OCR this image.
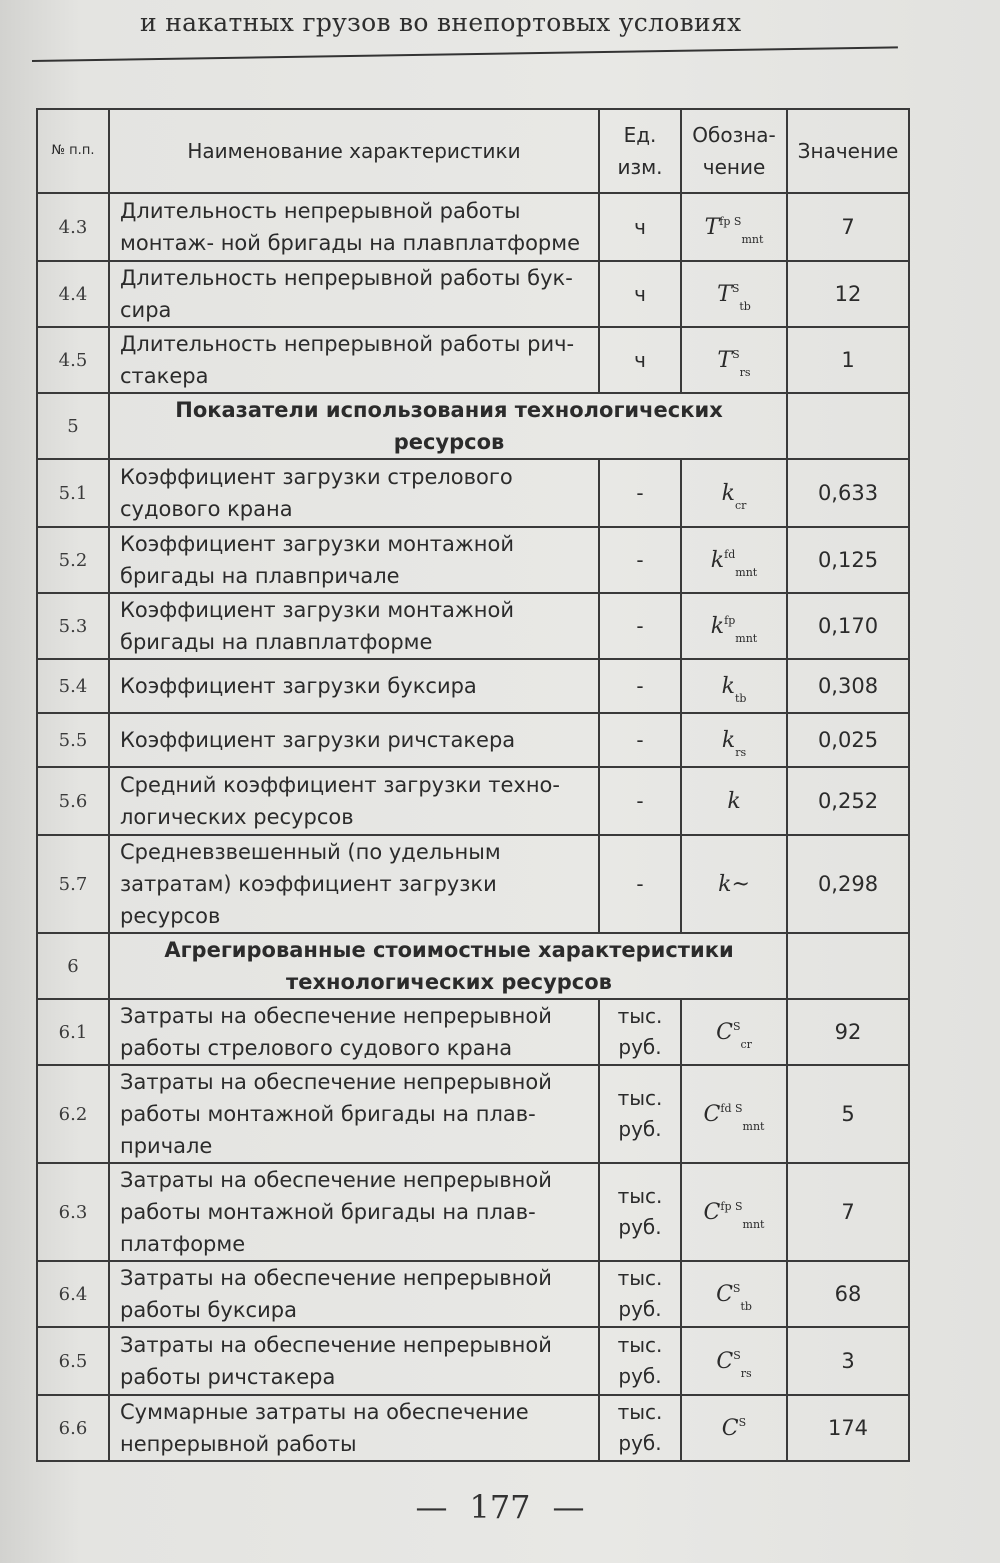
и накатных грузов во внепортовых условиях
№ п.п.	Наименование характеристики	Ед. изм.	Обозна- чение	Значение
4.3	Длительность непрерывной работы монтаж- ной бригады на плавплатформе	ч	$T^{fp S}_{mnt}$	7
4.4	Длительность непрерывной работы бук- сира	ч	$T^S_{tb}$	12
4.5	Длительность непрерывной работы рич- стакера	ч	$T^S_{rs}$	1
5	Показатели использования технологических ресурсов			
5.1	Коэффициент загрузки стрелового судового крана	-	$k_{cr}$	0,633
5.2	Коэффициент загрузки монтажной бригады на плавпричале	-	$k^{fd}_{mnt}$	0,125
5.3	Коэффициент загрузки монтажной бригады на плавплатформе	-	$k^{fp}_{mnt}$	0,170
5.4	Коэффициент загрузки буксира	-	$k_{tb}$	0,308
5.5	Коэффициент загрузки ричстакера	-	$k_{rs}$	0,025
5.6	Средний коэффициент загрузки техно- логических ресурсов	-	k	0,252
5.7	Средневзвешенный (по удельным затратам) коэффициент загрузки ресурсов	-	k~	0,298
6	Агрегированные стоимостные характеристики технологических ресурсов			
6.1	Затраты на обеспечение непрерывной работы стрелового судового крана	тыс. руб.	$C^S_{cr}$	92
6.2	Затраты на обеспечение непрерывной работы монтажной бригады на плав- причале	тыс. руб.	$C^{fd S}_{mnt}$	5
6.3	Затраты на обеспечение непрерывной работы монтажной бригады на плав- платформе	тыс. руб.	$C^{fp S}_{mnt}$	7
6.4	Затраты на обеспечение непрерывной работы буксира	тыс. руб.	$C^S_{tb}$	68
6.5	Затраты на обеспечение непрерывной работы ричстакера	тыс. руб.	$C^S_{rs}$	3
6.6	Суммарные затраты на обеспечение непрерывной работы	тыс. руб.	$C^S$	174
— 177 —
